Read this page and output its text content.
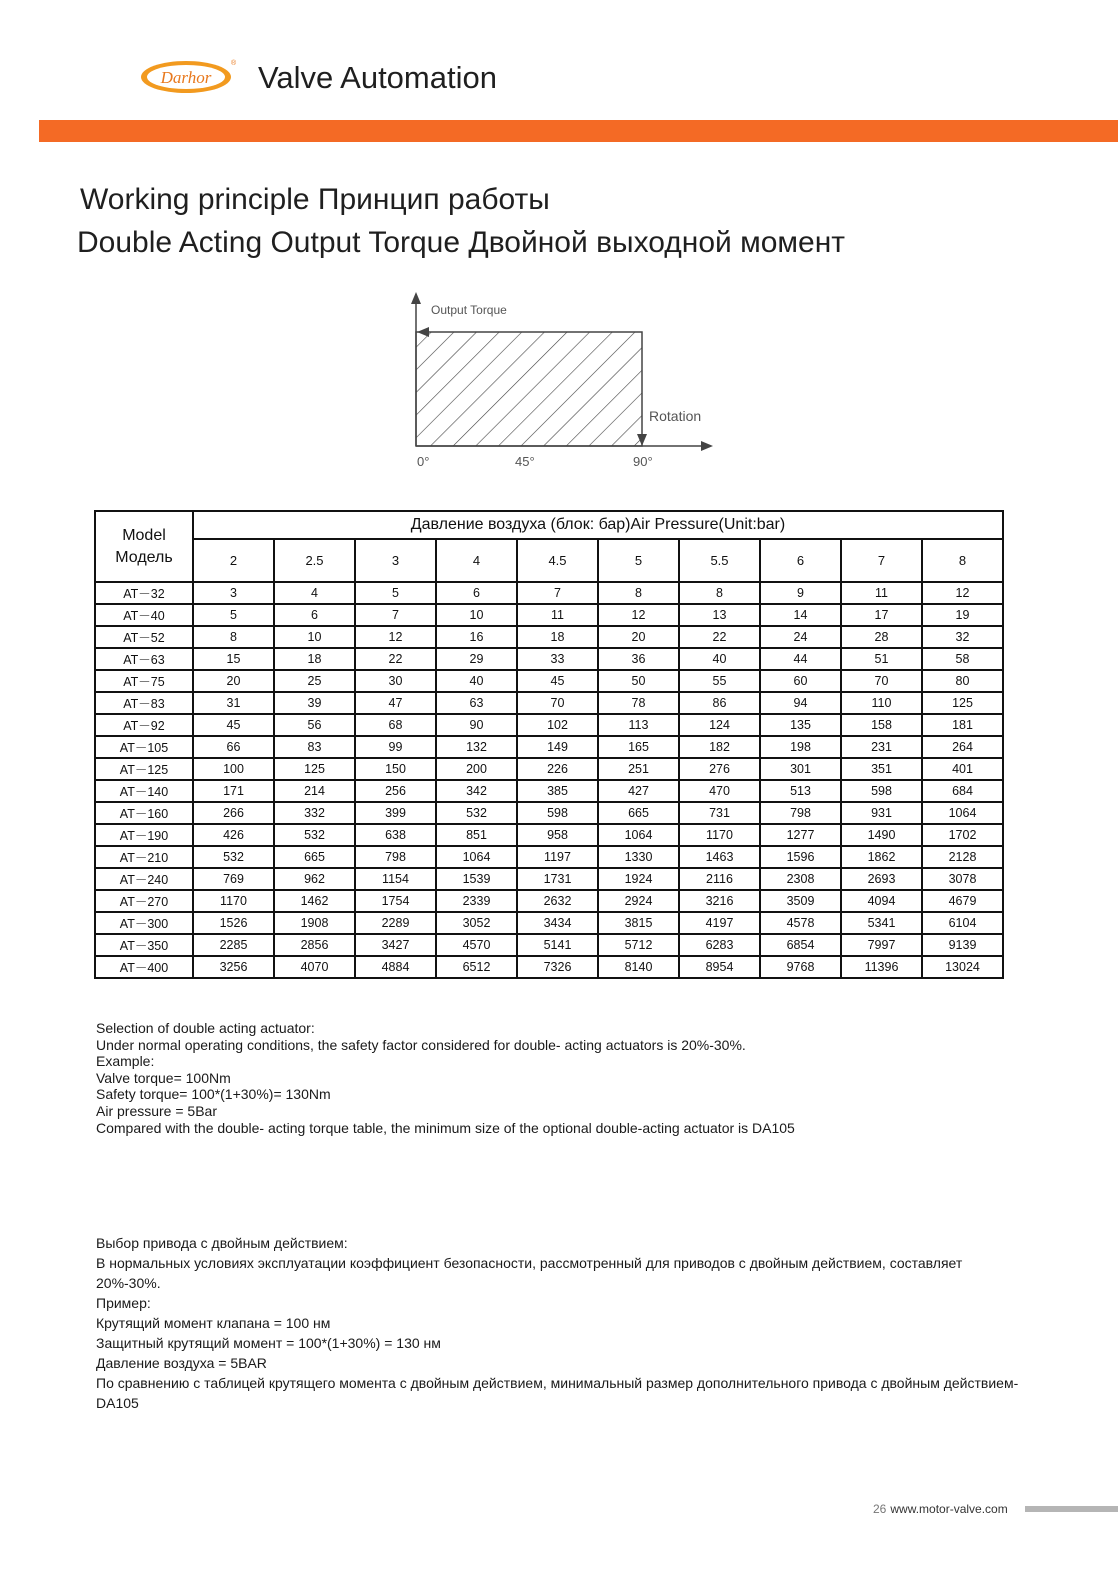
Darhor
® Valve Automation
Working principle Принцип работы
Double Acting Output Torque Двойной выходной момент
Output Torque
Rotation
0°	45°	90°
Model
Модель	Давление воздуха (блок: бар)Air Pressure(Unit:bar)									
	2	2.5	3	4	4.5	5	5.5	6	7	8
AT－32	3	4	5	6	7	8	8	9	11	12
AT－40	5	6	7	10	11	12	13	14	17	19
AT－52	8	10	12	16	18	20	22	24	28	32
AT－63	15	18	22	29	33	36	40	44	51	58
AT－75	20	25	30	40	45	50	55	60	70	80
AT－83	31	39	47	63	70	78	86	94	110	125
AT－92	45	56	68	90	102	113	124	135	158	181
AT－105	66	83	99	132	149	165	182	198	231	264
AT－125	100	125	150	200	226	251	276	301	351	401
AT－140	171	214	256	342	385	427	470	513	598	684
AT－160	266	332	399	532	598	665	731	798	931	1064
AT－190	426	532	638	851	958	1064	1170	1277	1490	1702
AT－210	532	665	798	1064	1197	1330	1463	1596	1862	2128
AT－240	769	962	1154	1539	1731	1924	2116	2308	2693	3078
AT－270	1170	1462	1754	2339	2632	2924	3216	3509	4094	4679
AT－300	1526	1908	2289	3052	3434	3815	4197	4578	5341	6104
AT－350	2285	2856	3427	4570	5141	5712	6283	6854	7997	9139
AT－400	3256	4070	4884	6512	7326	8140	8954	9768	11396	13024
Selection of double acting actuator:
Under normal operating conditions, the safety factor considered for double- acting actuators is 20%-30%.
Example:
Valve torque= 100Nm
Safety torque= 100*(1+30%)= 130Nm
Air pressure = 5Bar
Compared with the double- acting torque table, the minimum size of the optional double-acting actuator is DA105
Выбор привода с двойным действием:
В нормальных условиях эксплуатации коэффициент безопасности, рассмотренный для приводов с двойным действием, составляет 20%-30%.
Пример:
Крутящий момент клапана = 100 нм
Защитный крутящий момент = 100*(1+30%) = 130 нм
Давление воздуха = 5BAR
По сравнению с таблицей крутящего момента с двойным действием, минимальный размер дополнительного привода с двойным действием- DA105
26 www.motor-valve.com
